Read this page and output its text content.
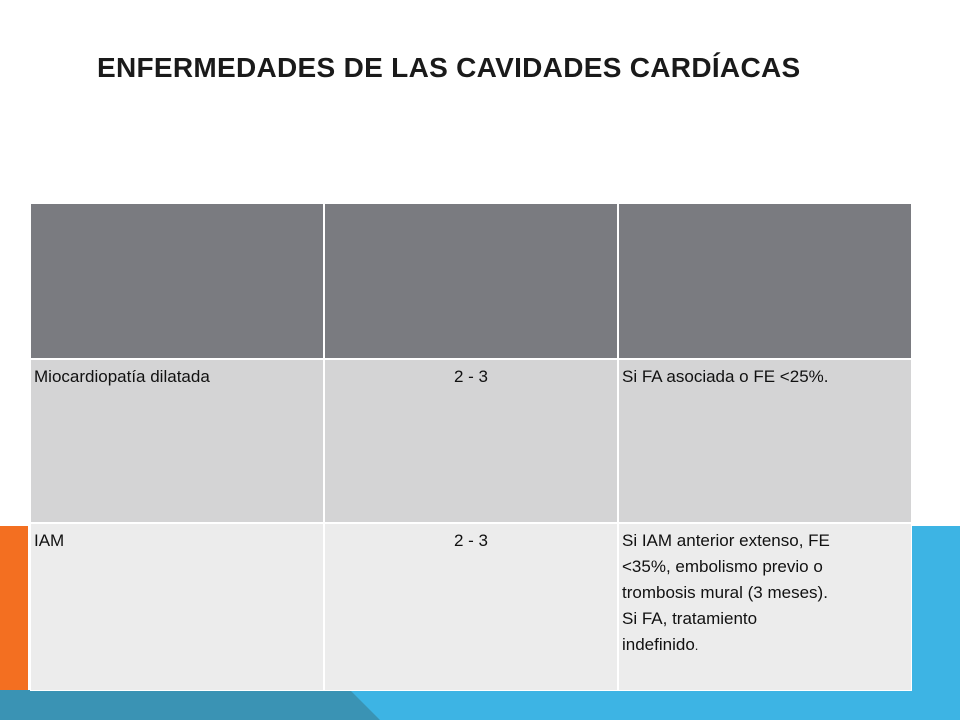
ENFERMEDADES DE LAS CAVIDADES CARDÍACAS
Miocardiopatía dilatada	2 - 3	Si FA asociada o FE <25%.
IAM	2 - 3	Si IAM anterior extenso, FE
<35%, embolismo previo o
trombosis mural (3 meses).
Si FA, tratamiento
indefinido.
